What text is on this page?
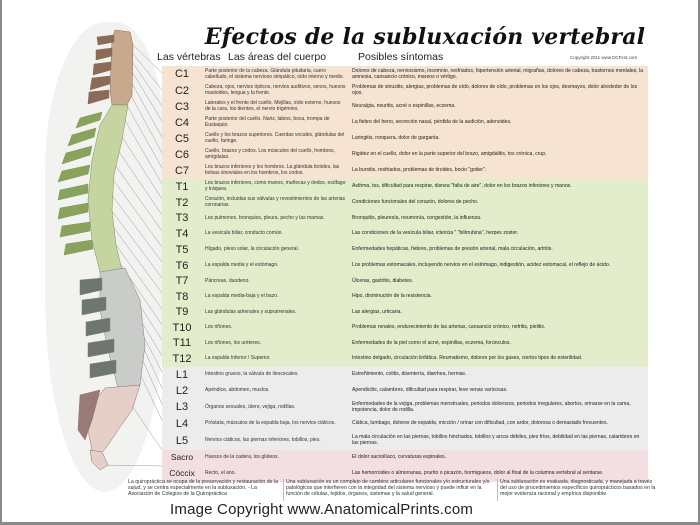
Efectos de la subluxación vertebral
Las vértebras Las áreas del cuerpo	Posibles síntomas	Copyright 2011 www.DCFirst.com
C1	Parte posterior de la cabeza. Glándula pituitaria, cuero cabelludo, el sistema nervioso simpático, oído interno y medio.	Dolores de cabeza, nerviosismo, insomnio, resfriados, hipertensión arterial, migrañas, dolores de cabeza, trastornos mentales, la amnesia, cansancio crónico, mareos o vértigo.
C2	Cabeza, ojos, nervios ópticos, nervios auditivos, senos, huesos mastoides, lengua y la frente.	Problemas de sinusitis, alergias, problemas de oído, dolores de oído, problemas en los ojos, desmayos, dolor alrededor de los ojos.
C3	Laterales y el frente del cuello. Mejillas, oído externo, huesos de la cara, los dientes, el nervio trigémino.	Neuralgia, neuritis, acné o espinillas, eczema.
C4	Parte posterior del cuello. Nariz, labios, boca, trompa de Eustaquio.	La fiebre del heno, secreción nasal, pérdida de la audición, adenoides.
C5	Cuello y los brazos superiores. Cuerdas vocales, glándulas del cuello, faringe.	Laringitis, ronquera, dolor de garganta.
C6	Cuello, brazos y codos. Los músculos del cuello, hombros, amígdalas.	Rigidez en el cuello, dolor en la parte superior del brazo, amigdalitis, tos crónica, crup.
C7	Los brazos inferiores y los hombros. La glándula tiroides, las bolsas sinoviales en los hombros, los codos.	La bursitis, resfriados, problemas de tiroides, bocio "goiter".
T1	Los brazos inferiores, como manos, muñecas y dedos, esófago y tráquea.	Asthma, tos, dificultad para respirar, disnea "falta de aire", dolor en los brazos inferiores y manos.
T2	Corazón, incluidas sus válvulas y revestimientos de las arterias coronarias.	Condiciones funcionales del corazón, dolores de pecho.
T3	Los pulmones, bronquios, pleura, pecho y las mamas.	Bronquitis, pleuresía, neumonía, congestión, la influenza.
T4	La vesícula biliar, conducto común.	Las condiciones de la vesícula biliar, ictericia " "bilirrubina", herpes zoster.
T5	Hígado, plexo solar, la circulación general.	Enfermedades hepáticas, fiebres, problemas de presión arterial, mala circulación, artritis.
T6	La espalda media y el estómago.	Los problemas estomacales, incluyendo nervios en el estómago, indigestión, acidez estomacal, el reflejo de ácido.
T7	Páncreas, duodeno.	Úlceras, gastritis, diabetes.
T8	La espalda media-baja y el bazo.	Hipo, disminución de la resistencia.
T9	Las glándulas adrenales y suprarrenales.	Las alergias, urticaria.
T10	Los riñones.	Problemas renales, endurecimiento de las arterias, cansancio crónico, nefritis, pielitis.
T11	Los riñones, los uréteres.	Enfermedades de la piel como el acné, espinillas, eczema, forúnculos.
T12	La espalda Inferior / Superior.	Intestino delgado, circulación linfática. Reumatismo, dolores por los gases, ciertos tipos de esterilidad.
L1	Intestino grueso, la válvula de ileocecales.	Estreñimiento, colitis, disentería, diarrhea, hernias.
L2	Apéndice, abdomen, muslos.	Apendicitis, calambres, dificultad para respirar, leve venas varicosas.
L3	Órganos sexuales, útero, vejiga, rodillas.	Enfermedades de la vejiga, problemas menstruales, periodos dolorosos, periodos irregulares, abortos, orinarse en la cama, impotencia, dolor de rodilla.
L4	Próstata, músculos de la espalda baja, los nervios ciáticos.	Ciática, lumbago, dolores de espalda, micción / orinar con dificultad, con ardor, dolorosa o demasiado frecuentes.
L5	Nervios ciáticos, las piernas inferiores, tobillos, pies.	La mala circulación en las piernas, tobillos hinchados, tobillos y arcos débiles, pies fríos, debilidad en las piernas, calambres en las piernas.
Sacro	Huesos de la cadera, los glúteos.	El dolor sacroilíaco, curvaturas espinales.
Cóccix	Recto, el ano.	Las hemorroides o almorranas, prurito o picazón, hormigueos, dolor al final de la columna vertebral al sentarse.
La quiropráctica se ocupa de la preservación y restauración de la salud, y se centra especialmente en la subluxación. - La Asociación de Colegios de la Quiropráctica
Una subluxación es un complejo de cambios articulares funcionales y/o estructurales y/o patológicos que interfieren con la integridad del sistema nervioso y puede influir en la función de células, tejidos, órganos, sistemas y la salud general.
Una subluxación es evaluada, diagnosticada, y manejada a través del uso de procedimientos específicos quiroprácticos basados en la mejor evidencia racional y empírica disponible.
Image Copyright www.AnatomicalPrints.com
